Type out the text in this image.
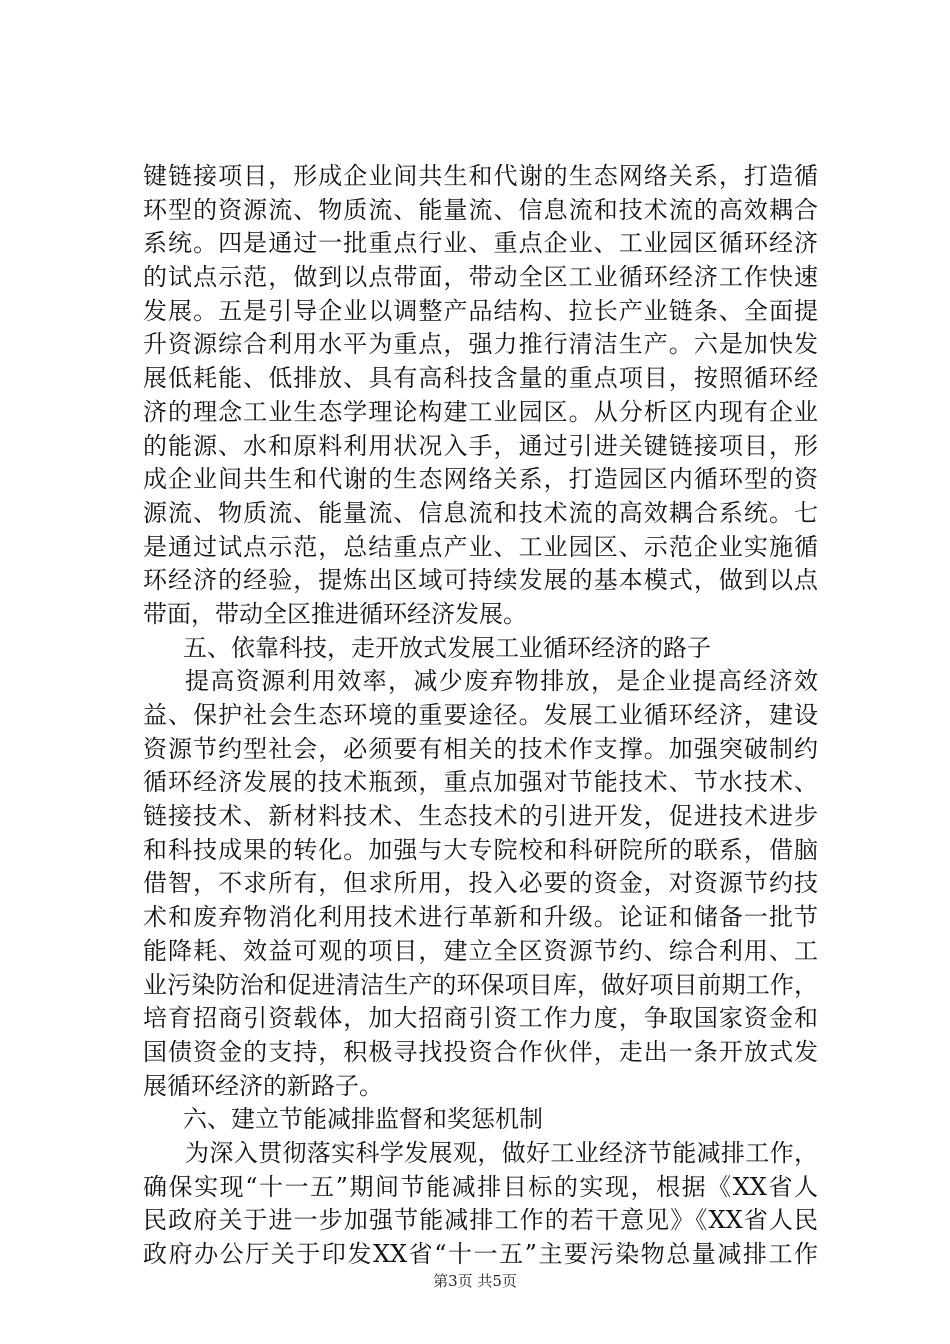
键链接项目，形成企业间共生和代谢的生态网络关系，打造循
环型的资源流、物质流、能量流、信息流和技术流的高效耦合
系统。四是通过一批重点行业、重点企业、工业园区循环经济
的试点示范，做到以点带面，带动全区工业循环经济工作快速
发展。五是引导企业以调整产品结构、拉长产业链条、全面提
升资源综合利用水平为重点，强力推行清洁生产。六是加快发
展低耗能、低排放、具有高科技含量的重点项目，按照循环经
济的理念工业生态学理论构建工业园区。从分析区内现有企业
的能源、水和原料利用状况入手，通过引进关键链接项目，形
成企业间共生和代谢的生态网络关系，打造园区内循环型的资
源流、物质流、能量流、信息流和技术流的高效耦合系统。七
是通过试点示范，总结重点产业、工业园区、示范企业实施循
环经济的经验，提炼出区域可持续发展的基本模式，做到以点
带面，带动全区推进循环经济发展。
五、依靠科技，走开放式发展工业循环经济的路子
提高资源利用效率，减少废弃物排放，是企业提高经济效
益、保护社会生态环境的重要途径。发展工业循环经济，建设
资源节约型社会，必须要有相关的技术作支撑。加强突破制约
循环经济发展的技术瓶颈，重点加强对节能技术、节水技术、
链接技术、新材料技术、生态技术的引进开发，促进技术进步
和科技成果的转化。加强与大专院校和科研院所的联系，借脑
借智，不求所有，但求所用，投入必要的资金，对资源节约技
术和废弃物消化利用技术进行革新和升级。论证和储备一批节
能降耗、效益可观的项目，建立全区资源节约、综合利用、工
业污染防治和促进清洁生产的环保项目库，做好项目前期工作，
培育招商引资载体，加大招商引资工作力度，争取国家资金和
国债资金的支持，积极寻找投资合作伙伴，走出一条开放式发
展循环经济的新路子。
六、建立节能减排监督和奖惩机制
为深入贯彻落实科学发展观，做好工业经济节能减排工作，
确保实现“十一五”期间节能减排目标的实现，根据《XX省人
民政府关于进一步加强节能减排工作的若干意见》《XX省人民
政府办公厅关于印发XX省“十一五”主要污染物总量减排工作
第3页 共5页
